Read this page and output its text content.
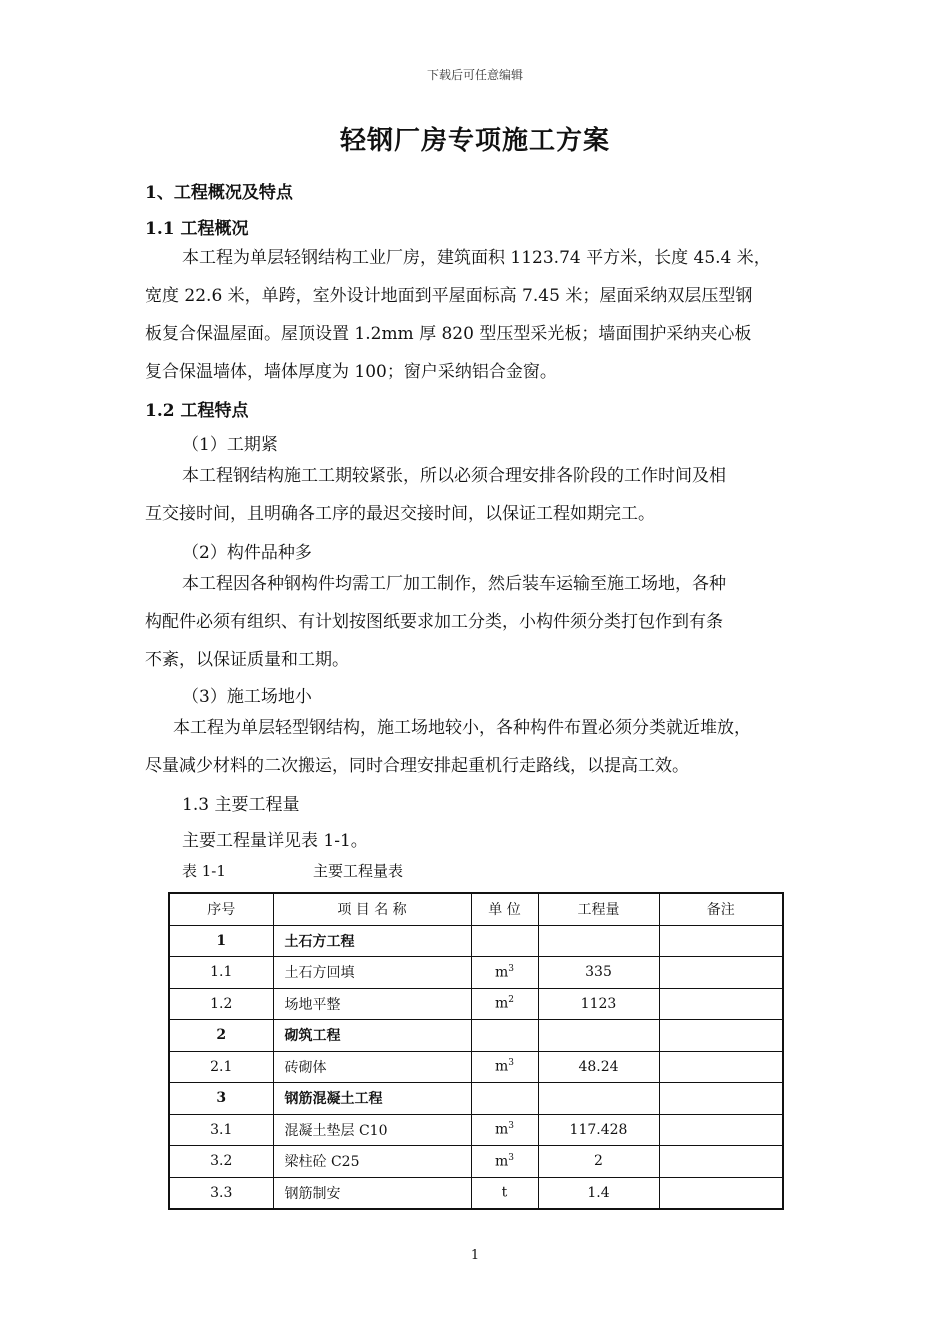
下载后可任意编辑
轻钢厂房专项施工方案
1、工程概况及特点
1.1 工程概况
本工程为单层轻钢结构工业厂房，建筑面积 1123.74 平方米，长度 45.4 米，
宽度 22.6 米，单跨，室外设计地面到平屋面标高 7.45 米；屋面采纳双层压型钢
板复合保温屋面。屋顶设置 1.2mm 厚 820 型压型采光板；墙面围护采纳夹心板
复合保温墙体，墙体厚度为 100；窗户采纳铝合金窗。
1.2 工程特点
（1）工期紧
本工程钢结构施工工期较紧张，所以必须合理安排各阶段的工作时间及相
互交接时间，且明确各工序的最迟交接时间，以保证工程如期完工。
（2）构件品种多
本工程因各种钢构件均需工厂加工制作，然后装车运输至施工场地，各种
构配件必须有组织、有计划按图纸要求加工分类，小构件须分类打包作到有条
不紊，以保证质量和工期。
（3）施工场地小
本工程为单层轻型钢结构，施工场地较小，各种构件布置必须分类就近堆放，
尽量减少材料的二次搬运，同时合理安排起重机行走路线，以提高工效。
1.3 主要工程量
主要工程量详见表 1-1。
表 1-1	主要工程量表
序号	项 目 名 称	单 位	工程量	备注
1	土石方工程			
1.1	土石方回填	$m^3$	335	
1.2	场地平整	$m^2$	1123	
2	砌筑工程			
2.1	砖砌体	$m^3$	48.24	
3	钢筋混凝土工程			
3.1	混凝土垫层 C10	$m^3$	117.428	
3.2	梁柱砼 C25	$m^3$	2	
3.3	钢筋制安	t	1.4	
1
